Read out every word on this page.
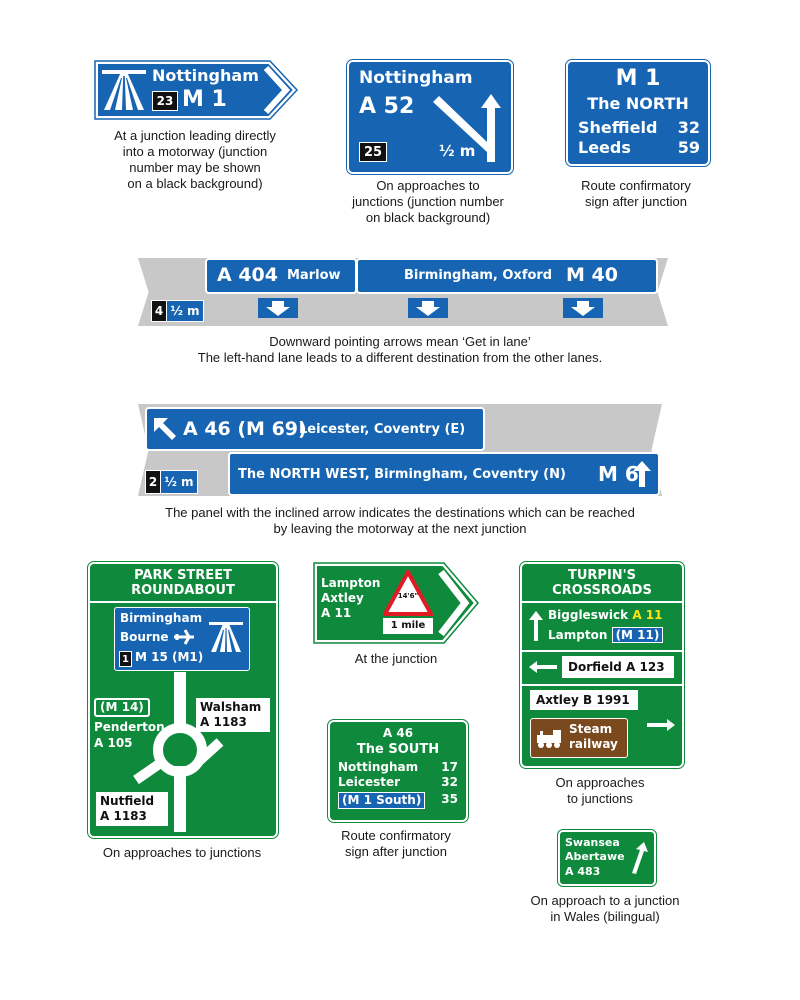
Nottingham
23 M 1
At a junction leading directly
into a motorway (junction
number may be shown
on a black background)
Nottingham
A 52
25	½ m
On approaches to
junctions (junction number
on black background)
M 1
The NORTH
Sheffield 32
Leeds	59
Route confirmatory
sign after junction
A 404 Marlow	Birmingham, Oxford M 40
4 ½ m
Downward pointing arrows mean ‘Get in lane’
The left-hand lane leads to a different destination from the other lanes.
A 46 (M 69)
Leicester, Coventry (E)
2 ½ m	The NORTH WEST, Birmingham, Coventry (N) M 6
The panel with the inclined arrow indicates the destinations which can be reached
by leaving the motorway at the next junction
PARK STREET
ROUNDABOUT
Birmingham
Bourne
1 M 15 (M1)
(M 14)
Penderton
A 105
Walsham
A 1183
Nutfield
A 1183
On approaches to junctions
Lampton
Axtley
A 11
14'6"
1 mile
At the junction
A 46
The SOUTH
Nottingham 17
Leicester	32
(M 1 South)	35
Route confirmatory
sign after junction
TURPIN'S
CROSSROADS
Biggleswick A 11
Lampton (M 11)
Dorfield A 123
Axtley B 1991
Steam
railway
On approaches
to junctions
Swansea
Abertawe
A 483
On approach to a junction
in Wales (bilingual)
